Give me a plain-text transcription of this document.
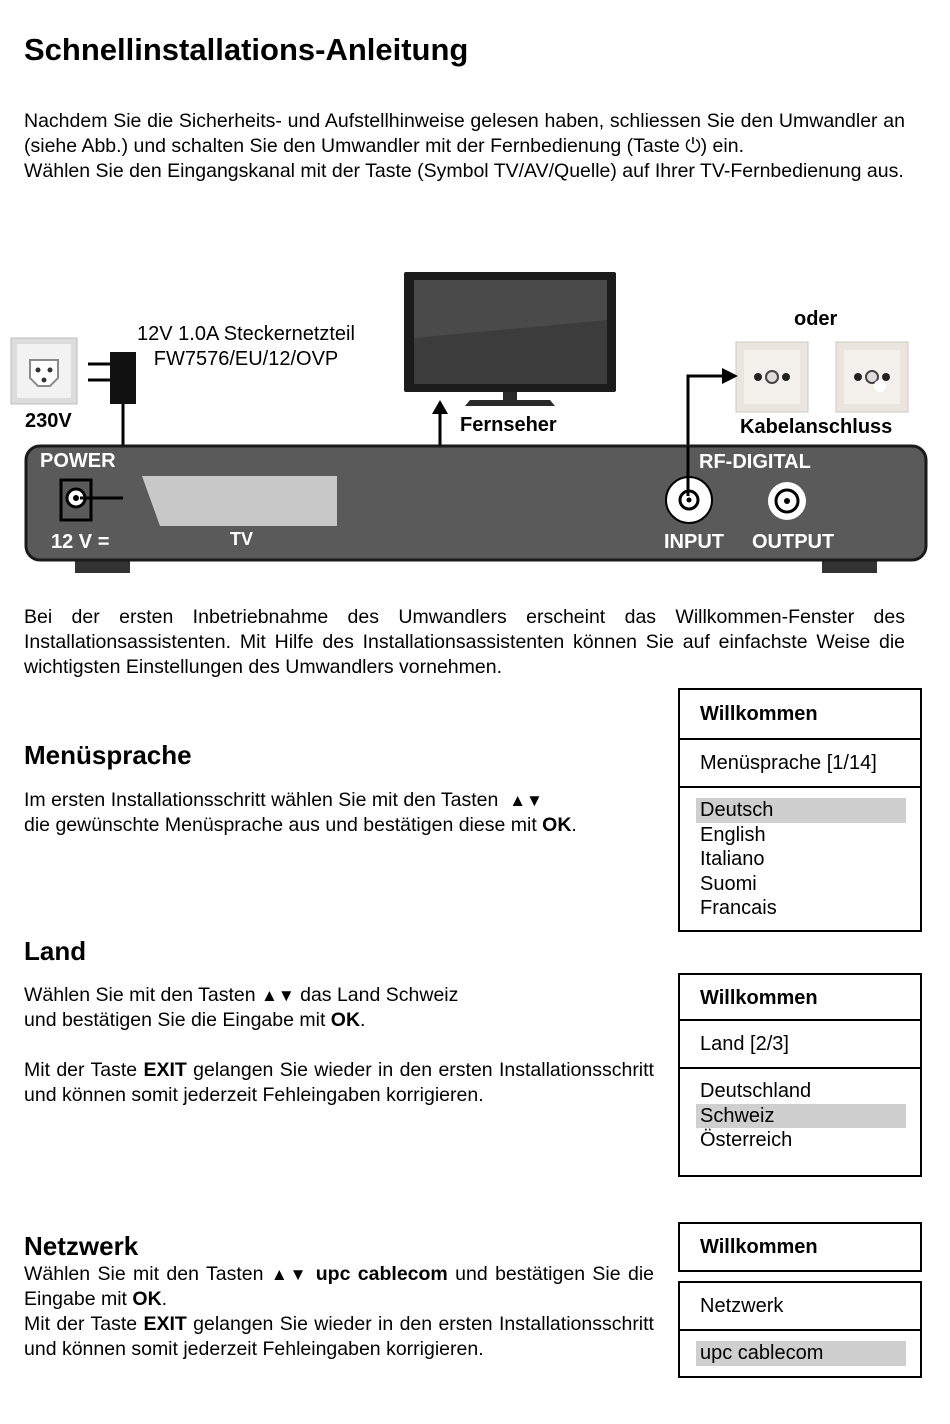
Schnellinstallations-Anleitung

Nachdem Sie die Sicherheits- und Aufstellhinweise gelesen haben, schliessen Sie den Umwandler an (siehe Abb.) und schalten Sie den Umwandler mit der Fernbedienung (Taste ⏻) ein.

Wählen Sie den Eingangskanal mit der Taste (Symbol TV/AV/Quelle) auf Ihrer TV-Fernbedienung aus.

12V 1.0A Steckernetzteil
FW7576/EU/12/OVP
230V	Fernseher
oder
Kabelanschluss
POWER
12 V =	TV
RF-DIGITAL
INPUT OUTPUT

Bei der ersten Inbetriebnahme des Umwandlers erscheint das Willkommen-Fenster des Installationsassistenten. Mit Hilfe des Installationsassistenten können Sie auf einfachste Weise die wichtigsten Einstellungen des Umwandlers vornehmen.

Menüsprache

Im ersten Installationsschritt wählen Sie mit den Tasten ▲▼

die gewünschte Menüsprache aus und bestätigen diese mit OK.

Willkommen
Menüsprache [1/14]
Deutsch
English
Italiano
Suomi
Francais
Land

Wählen Sie mit den Tasten ▲▼ das Land Schweiz

und bestätigen Sie die Eingabe mit OK.

Mit der Taste EXIT gelangen Sie wieder in den ersten Installationsschritt und können somit jederzeit Fehleingaben korrigieren.

Willkommen
Land [2/3]
Deutschland
Schweiz
Österreich
Netzwerk

Wählen Sie mit den Tasten ▲▼ upc cablecom und bestätigen Sie die Eingabe mit OK.

Mit der Taste EXIT gelangen Sie wieder in den ersten Installationsschritt und können somit jederzeit Fehleingaben korrigieren.

Willkommen
Netzwerk
upc cablecom
